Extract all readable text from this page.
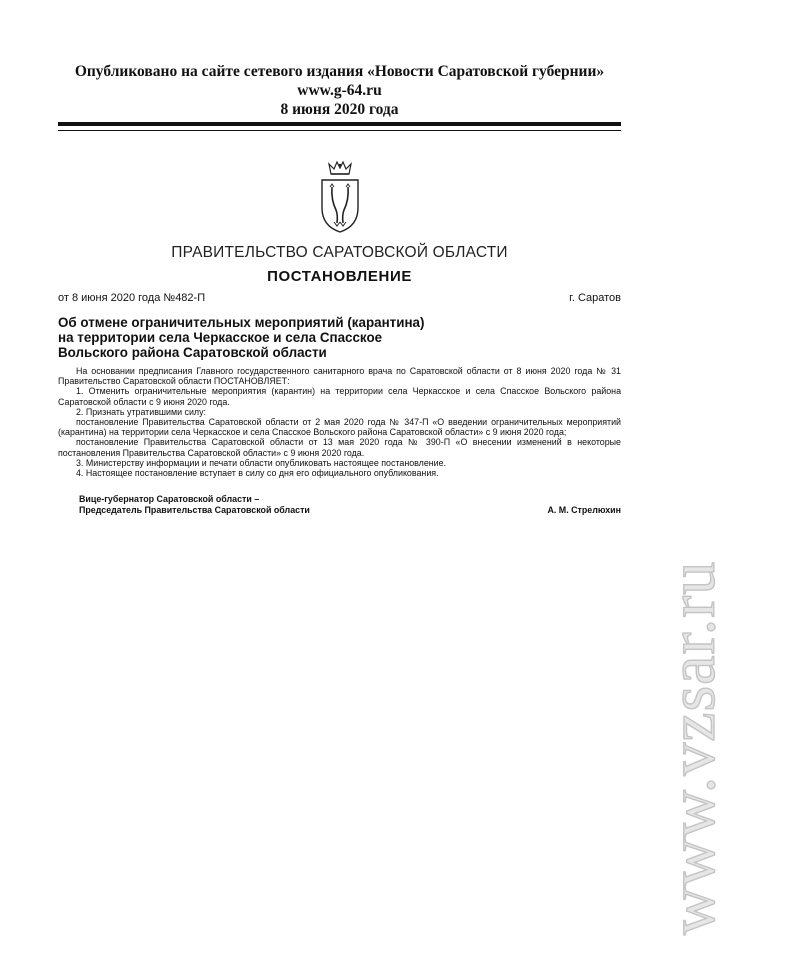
Опубликовано на сайте сетевого издания «Новости Саратовской губернии»
www.g-64.ru
8 июня 2020 года
ПРАВИТЕЛЬСТВО САРАТОВСКОЙ ОБЛАСТИ
ПОСТАНОВЛЕНИЕ
от 8 июня 2020 года №482-П	г. Саратов
Об отмене ограничительных мероприятий (карантина)
на территории села Черкасское и села Спасское
Вольского района Саратовской области

На основании предписания Главного государственного санитарного врача по Саратовской области от 8 июня 2020 года № 31 Правительство Саратовской области ПОСТАНОВЛЯЕТ:

1. Отменить ограничительные мероприятия (карантин) на территории села Черкасское и села Спасское Вольского района Саратовской области с 9 июня 2020 года.

2. Признать утратившими силу:

постановление Правительства Саратовской области от 2 мая 2020 года № 347-П «О введении ограничительных мероприятий (карантина) на территории села Черкасское и села Спасское Вольского района Саратовской области» с 9 июня 2020 года;

постановление Правительства Саратовской области от 13 мая 2020 года № 390-П «О внесении изменений в некоторые постановления Правительства Саратовской области» с 9 июня 2020 года.

3. Министерству информации и печати области опубликовать настоящее постановление.

4. Настоящее постановление вступает в силу со дня его официального опубликования.

Вице-губернатор Саратовской области –
Председатель Правительства Саратовской области	А. М. Стрелюхин
www.vzsar.ru
